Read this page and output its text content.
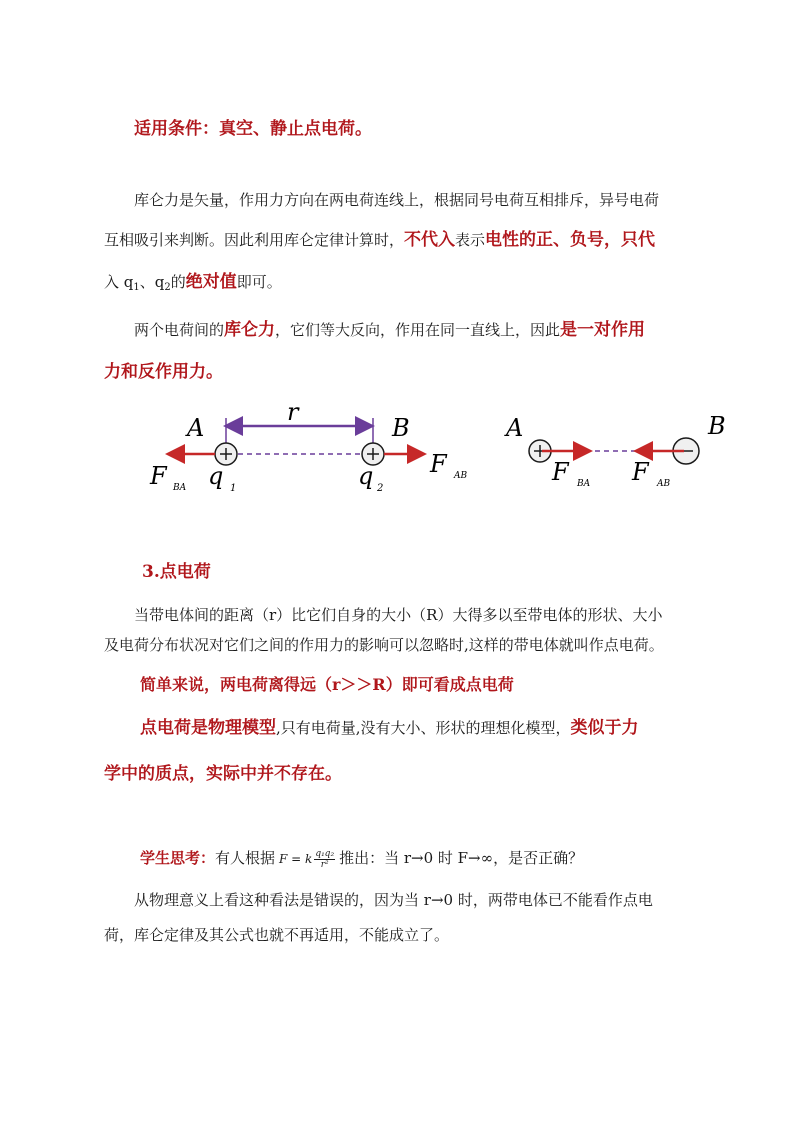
适用条件：真空、静止点电荷。
库仑力是矢量，作用力方向在两电荷连线上，根据同号电荷互相排斥，异号电荷
互相吸引来判断。因此利用库仑定律计算时，不代入表示电性的正、负号，只代
入 $q_1$、$q_2$的绝对值即可。
两个电荷间的库仑力，它们等大反向，作用在同一直线上，因此是一对作用
力和反作用力。
r
A	B
F BA q 1	q 2
F AB
A	B
F BA F AB
3.点电荷
当带电体间的距离（r）比它们自身的大小（R）大得多以至带电体的形状、大小
及电荷分布状况对它们之间的作用力的影响可以忽略时,这样的带电体就叫作点电荷。
简单来说，两电荷离得远（r＞＞R）即可看成点电荷
点电荷是物理模型,只有电荷量,没有大小、形状的理想化模型，类似于力
学中的质点，实际中并不存在。
学生思考：有人根据 F = k $\frac{\text{q₁q₂}}{\text{r²}}$ 推出：当 r→0 时 F→∞，是否正确？
从物理意义上看这种看法是错误的，因为当 r→0 时，两带电体已不能看作点电
荷，库仑定律及其公式也就不再适用，不能成立了。
